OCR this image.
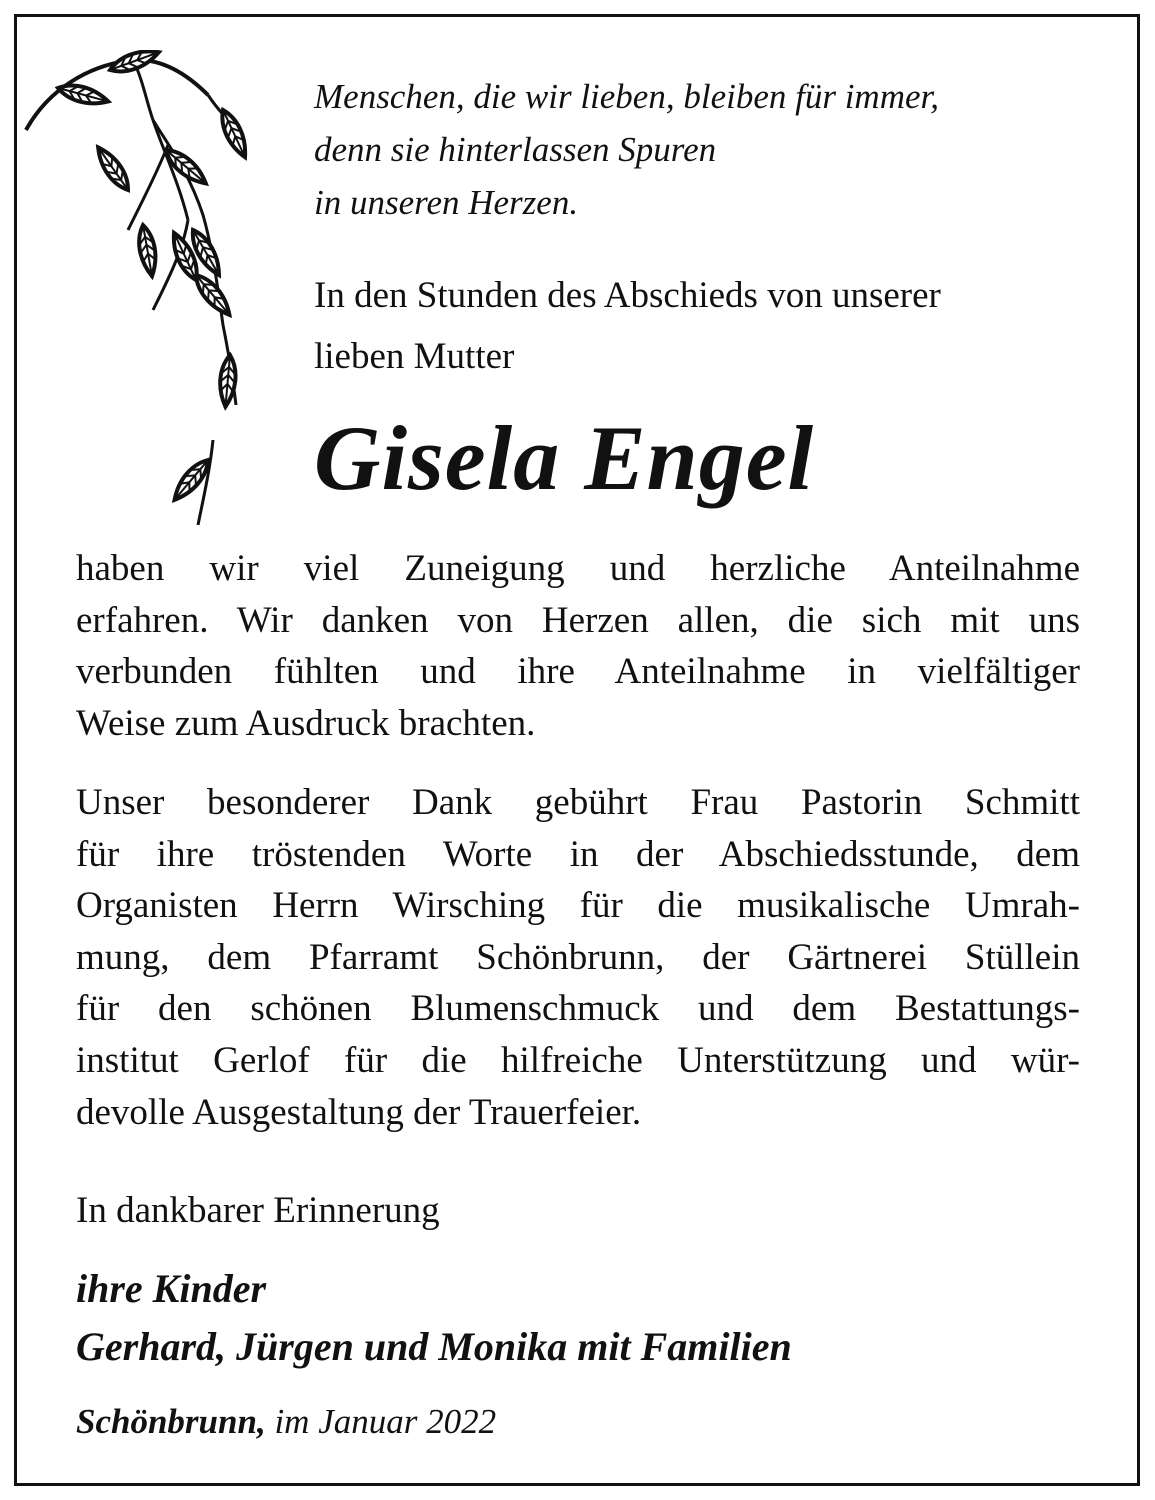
Menschen, die wir lieben, bleiben für immer,
denn sie hinterlassen Spuren
in unseren Herzen.
In den Stunden des Abschieds von unserer
lieben Mutter
Gisela Engel
haben wir viel Zuneigung und herzliche Anteilnahme
erfahren. Wir danken von Herzen allen, die sich mit uns
verbunden fühlten und ihre Anteilnahme in vielfältiger
Weise zum Ausdruck brachten.
Unser besonderer Dank gebührt Frau Pastorin Schmitt
für ihre tröstenden Worte in der Abschiedsstunde, dem
Organisten Herrn Wirsching für die musikalische Umrah-
mung, dem Pfarramt Schönbrunn, der Gärtnerei Stüllein
für den schönen Blumenschmuck und dem Bestattungs-
institut Gerlof für die hilfreiche Unterstützung und wür-
devolle Ausgestaltung der Trauerfeier.
In dankbarer Erinnerung
ihre Kinder
Gerhard, Jürgen und Monika mit Familien
Schönbrunn, im Januar 2022
